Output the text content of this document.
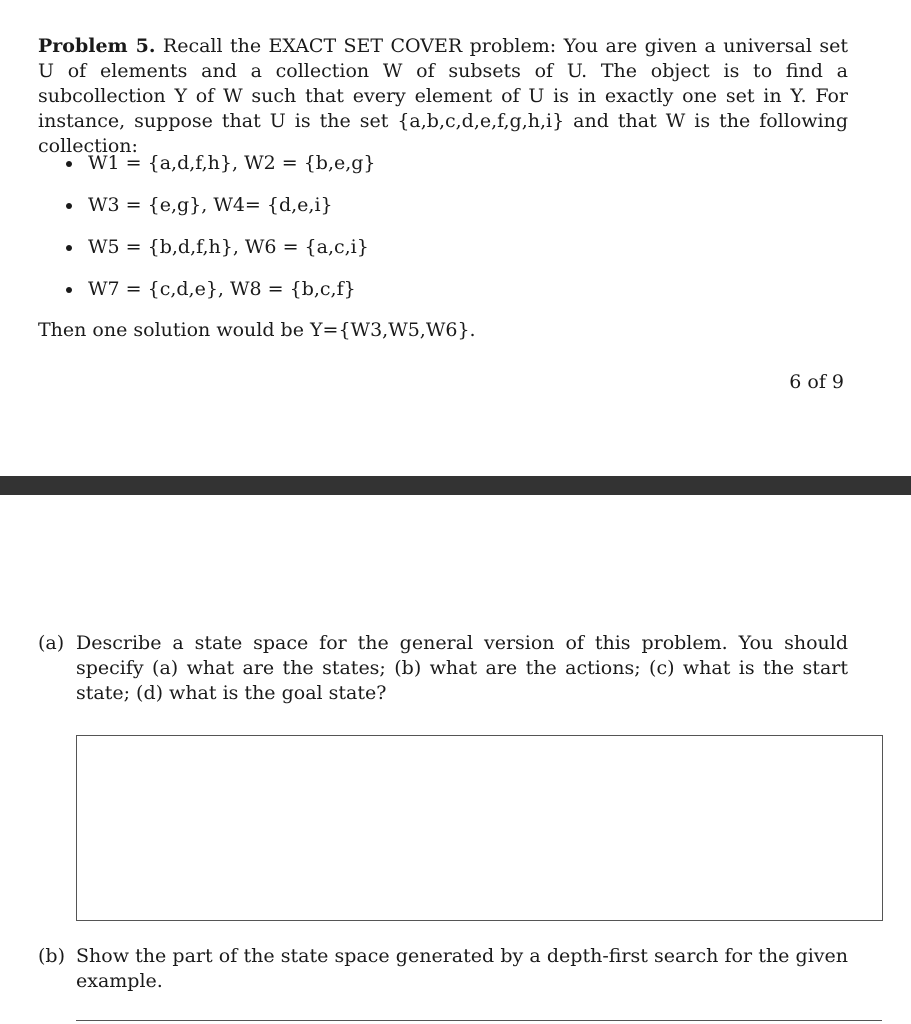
Problem 5. Recall the EXACT SET COVER problem: You are given a universal set U of elements and a collection W of subsets of U. The object is to find a subcollection Y of W such that every element of U is in exactly one set in Y. For instance, suppose that U is the set {a,b,c,d,e,f,g,h,i} and that W is the following collection:
W1 = {a,d,f,h}, W2 = {b,e,g}
W3 = {e,g}, W4= {d,e,i}
W5 = {b,d,f,h}, W6 = {a,c,i}
W7 = {c,d,e}, W8 = {b,c,f}
Then one solution would be Y={W3,W5,W6}.
6 of 9
(a) Describe a state space for the general version of this problem. You should specify (a) what are the states; (b) what are the actions; (c) what is the start state; (d) what is the goal state?
(b) Show the part of the state space generated by a depth-first search for the given example.
